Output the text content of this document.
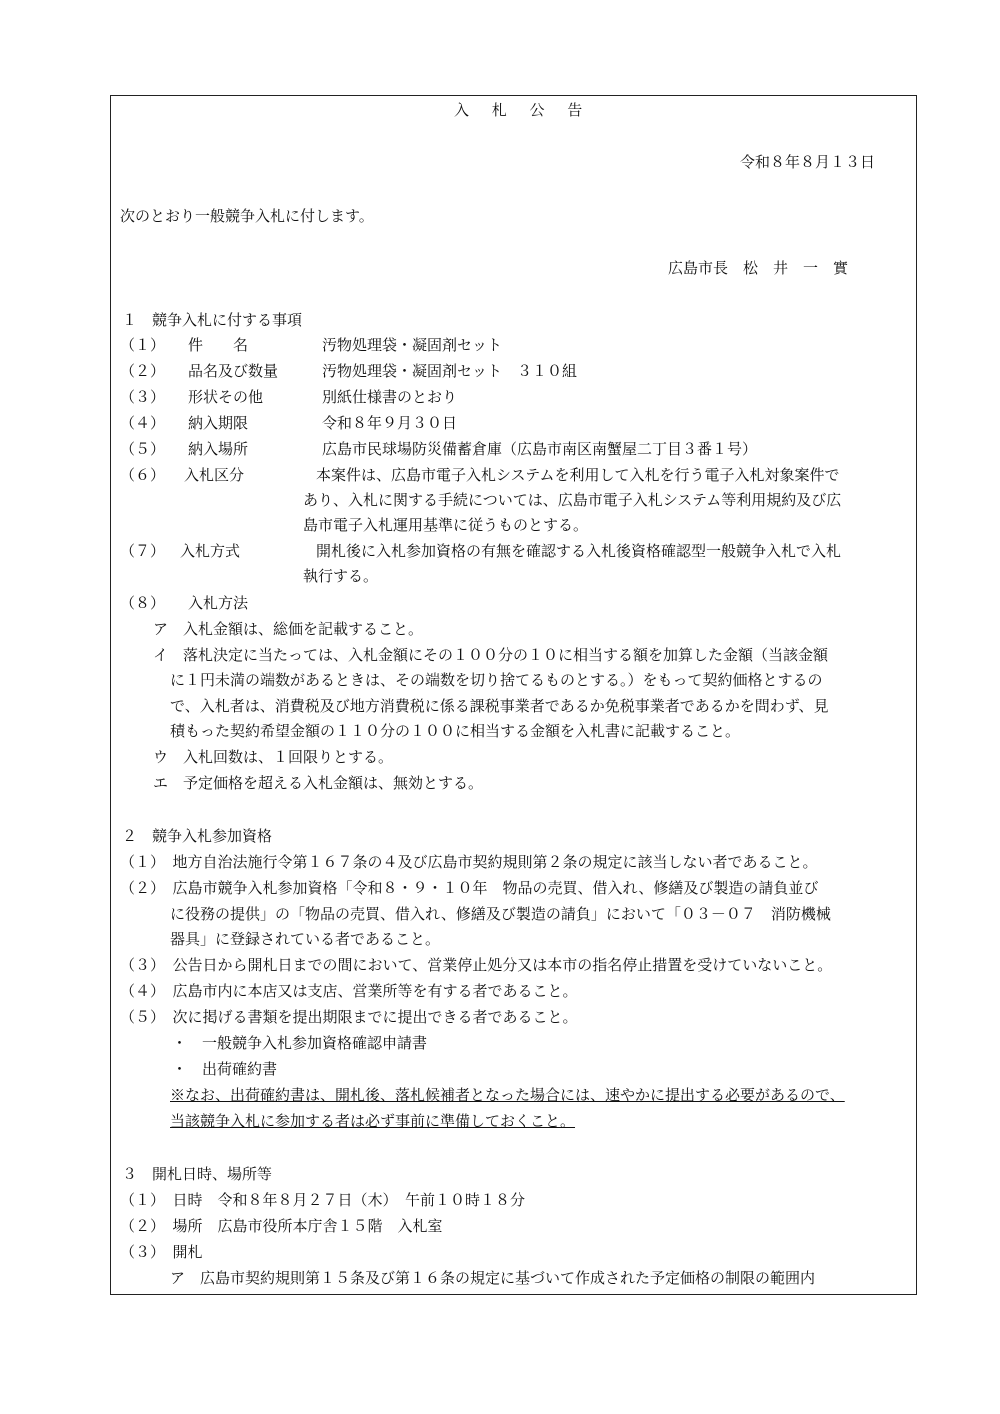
入 札 公 告
令和８年８月１３日
次のとおり一般競争入札に付します。
広島市長　松　井　一　實
１　競争入札に付する事項
（１） 件　　名	汚物処理袋・凝固剤セット
（２） 品名及び数量	汚物処理袋・凝固剤セット　３１０組
（３） 形状その他	別紙仕様書のとおり
（４） 納入期限	令和８年９月３０日
（５） 納入場所	広島市民球場防災備蓄倉庫（広島市南区南蟹屋二丁目３番１号）
（６） 入札区分	本案件は、広島市電子入札システムを利用して入札を行う電子入札対象案件で
あり、入札に関する手続については、広島市電子入札システム等利用規約及び広
島市電子入札運用基準に従うものとする。
（７） 入札方式	開札後に入札参加資格の有無を確認する入札後資格確認型一般競争入札で入札
執行する。
（８） 入札方法
ア　入札金額は、総価を記載すること。
イ　落札決定に当たっては、入札金額にその１００分の１０に相当する額を加算した金額（当該金額
に１円未満の端数があるときは、その端数を切り捨てるものとする。）をもって契約価格とするの
で、入札者は、消費税及び地方消費税に係る課税事業者であるか免税事業者であるかを問わず、見
積もった契約希望金額の１１０分の１００に相当する金額を入札書に記載すること。
ウ　入札回数は、１回限りとする。
エ　予定価格を超える入札金額は、無効とする。
２　競争入札参加資格
（１）　地方自治法施行令第１６７条の４及び広島市契約規則第２条の規定に該当しない者であること。
（２）　広島市競争入札参加資格「令和８・９・１０年　物品の売買、借入れ、修繕及び製造の請負並び
に役務の提供」の「物品の売買、借入れ、修繕及び製造の請負」において「０３－０７　消防機械
器具」に登録されている者であること。
（３）　公告日から開札日までの間において、営業停止処分又は本市の指名停止措置を受けていないこと。
（４）　広島市内に本店又は支店、営業所等を有する者であること。
（５）　次に掲げる書類を提出期限までに提出できる者であること。
・　一般競争入札参加資格確認申請書
・　出荷確約書
※なお、出荷確約書は、開札後、落札候補者となった場合には、速やかに提出する必要があるので、
当該競争入札に参加する者は必ず事前に準備しておくこと。
３　開札日時、場所等
（１）　日時　令和８年８月２７日（木）　午前１０時１８分
（２）　場所　広島市役所本庁舎１５階　入札室
（３）　開札
ア　広島市契約規則第１５条及び第１６条の規定に基づいて作成された予定価格の制限の範囲内
